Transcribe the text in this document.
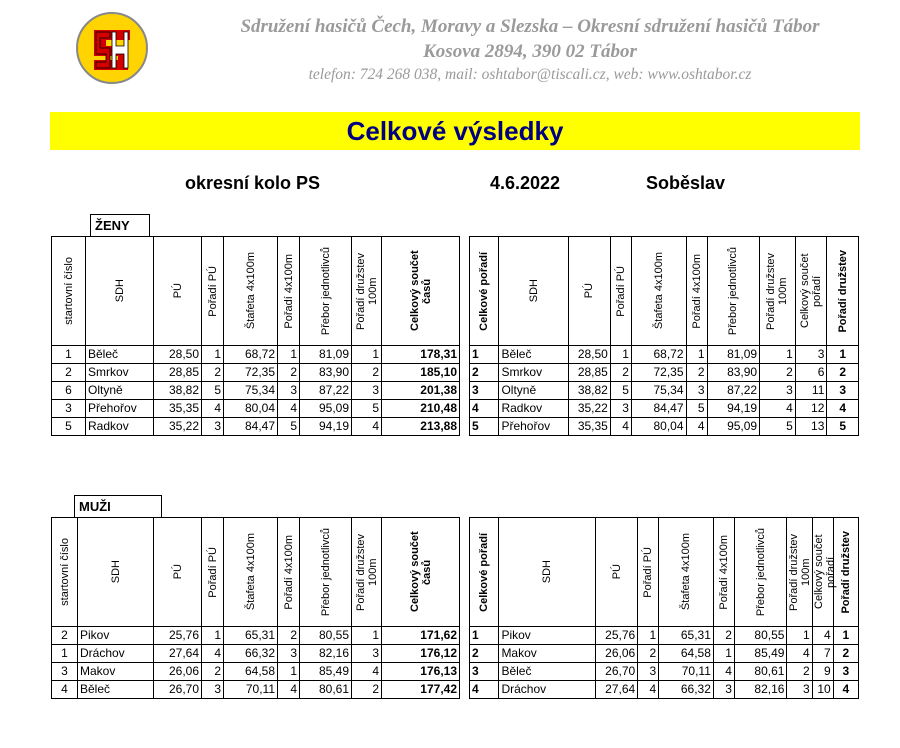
Sdružení hasičů Čech, Moravy a Slezska – Okresní sdružení hasičů Tábor
Kosova 2894, 390 02 Tábor
telefon: 724 268 038, mail: oshtabor@tiscali.cz, web: www.oshtabor.cz
Celkové výsledky
okresní kolo PS	4.6.2022	Soběslav
ŽENY
startovní číslo	SDH	PÚ	Pořadí PÚ	Štafeta 4x100m	Pořadí 4x100m	Přebor jednotlivců	Pořadí družstev 100m	Celkový součet časů

1	Běleč	28,50	1	68,72	1	81,09	1	178,31
2	Smrkov	28,85	2	72,35	2	83,90	2	185,10
6	Oltyně	38,82	5	75,34	3	87,22	3	201,38
3	Přehořov	35,35	4	80,04	4	95,09	5	210,48
5	Radkov	35,22	3	84,47	5	94,19	4	213,88
Celkové pořadí	SDH	PÚ	Pořadí PÚ	Štafeta 4x100m	Pořadí 4x100m	Přebor jednotlivců	Pořadí družstev 100m	Celkový součet pořadí	Pořadí družstev

1	Běleč	28,50	1	68,72	1	81,09	1	3	1
2	Smrkov	28,85	2	72,35	2	83,90	2	6	2
3	Oltyně	38,82	5	75,34	3	87,22	3	11	3
4	Radkov	35,22	3	84,47	5	94,19	4	12	4
5	Přehořov	35,35	4	80,04	4	95,09	5	13	5
MUŽI
startovní číslo	SDH	PÚ	Pořadí PÚ	Štafeta 4x100m	Pořadí 4x100m	Přebor jednotlivců	Pořadí družstev 100m	Celkový součet časů

2	Pikov	25,76	1	65,31	2	80,55	1	171,62
1	Dráchov	27,64	4	66,32	3	82,16	3	176,12
3	Makov	26,06	2	64,58	1	85,49	4	176,13
4	Běleč	26,70	3	70,11	4	80,61	2	177,42
Celkové pořadí	SDH	PÚ	Pořadí PÚ	Štafeta 4x100m	Pořadí 4x100m	Přebor jednotlivců	Pořadí družstev 100m	Celkový součet pořadí	Pořadí družstev

1	Pikov	25,76	1	65,31	2	80,55	1	4	1
2	Makov	26,06	2	64,58	1	85,49	4	7	2
3	Běleč	26,70	3	70,11	4	80,61	2	9	3
4	Dráchov	27,64	4	66,32	3	82,16	3	10	4
